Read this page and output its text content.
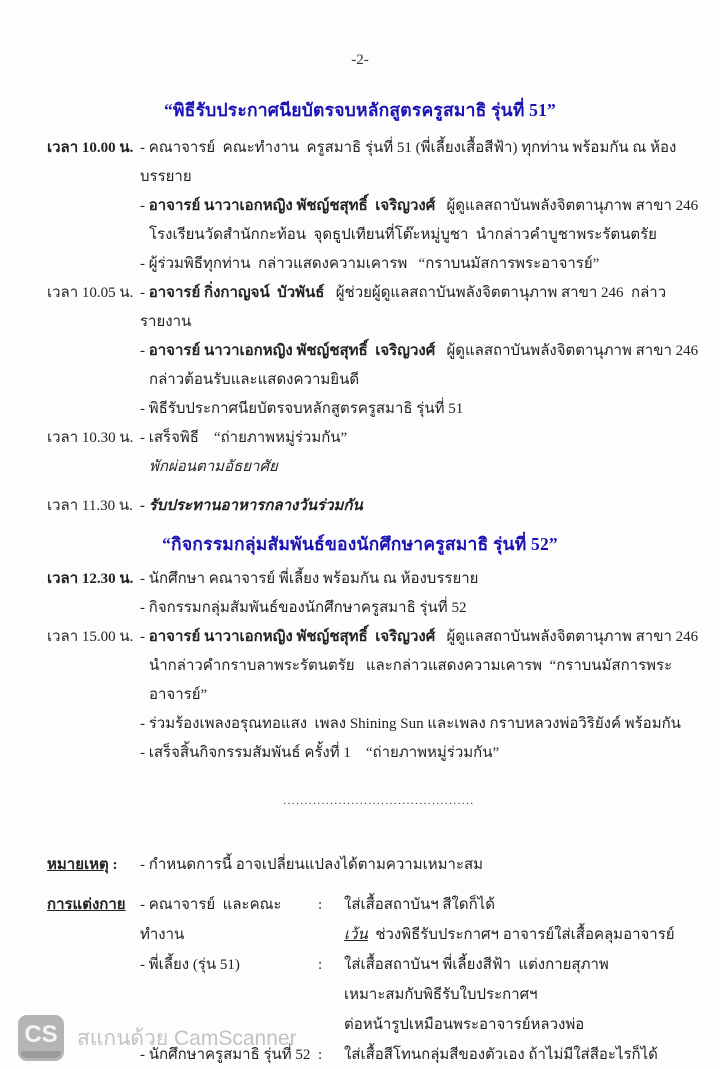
-2-
“พิธีรับประกาศนียบัตรจบหลักสูตรครูสมาธิ รุ่นที่ 51”
เวลา 10.00 น. - คณาจารย์  คณะทำงาน  ครูสมาธิ รุ่นที่ 51 (พี่เลี้ยงเสื้อสีฟ้า) ทุกท่าน พร้อมกัน ณ ห้องบรรยาย
- อาจารย์ นาวาเอกหญิง พัชญ์ชสุทธิ์  เจริญวงศ์   ผู้ดูแลสถาบันพลังจิตตานุภาพ สาขา 246
โรงเรียนวัดสำนักกะท้อน  จุดธูปเทียนที่โต๊ะหมู่บูชา  นำกล่าวคำบูชาพระรัตนตรัย
- ผู้ร่วมพิธีทุกท่าน  กล่าวแสดงความเคารพ   “กราบนมัสการพระอาจารย์”
เวลา 10.05 น. - อาจารย์ กิ่งกาญจน์  บัวพันธ์   ผู้ช่วยผู้ดูแลสถาบันพลังจิตตานุภาพ สาขา 246  กล่าวรายงาน
- อาจารย์ นาวาเอกหญิง พัชญ์ชสุทธิ์  เจริญวงศ์   ผู้ดูแลสถาบันพลังจิตตานุภาพ สาขา 246
กล่าวต้อนรับและแสดงความยินดี
- พิธีรับประกาศนียบัตรจบหลักสูตรครูสมาธิ รุ่นที่ 51
เวลา 10.30 น. - เสร็จพิธี    “ถ่ายภาพหมู่ร่วมกัน”
พักผ่อนตามอัธยาศัย
เวลา 11.30 น. - รับประทานอาหารกลางวันร่วมกัน
“กิจกรรมกลุ่มสัมพันธ์ของนักศึกษาครูสมาธิ รุ่นที่ 52”
เวลา 12.30 น. - นักศึกษา คณาจารย์ พี่เลี้ยง พร้อมกัน ณ ห้องบรรยาย
- กิจกรรมกลุ่มสัมพันธ์ของนักศึกษาครูสมาธิ รุ่นที่ 52
เวลา 15.00 น. - อาจารย์ นาวาเอกหญิง พัชญ์ชสุทธิ์  เจริญวงศ์   ผู้ดูแลสถาบันพลังจิตตานุภาพ สาขา 246
นำกล่าวคำกราบลาพระรัตนตรัย   และกล่าวแสดงความเคารพ  “กราบนมัสการพระอาจารย์”
- ร่วมร้องเพลงอรุณทอแสง  เพลง Shining Sun และเพลง กราบหลวงพ่อวิริยังค์ พร้อมกัน
- เสร็จสิ้นกิจกรรมสัมพันธ์ ครั้งที่ 1    “ถ่ายภาพหมู่ร่วมกัน”
.............................................
หมายเหตุ :	- กำหนดการนี้ อาจเปลี่ยนแปลงได้ตามความเหมาะสม
การแต่งกาย - คณาจารย์  และคณะทำงาน
:	ใส่เสื้อสถาบันฯ สีใดก็ได้
เว้น  ช่วงพิธีรับประกาศฯ อาจารย์ใส่เสื้อคลุมอาจารย์
- พี่เลี้ยง (รุ่น 51)	:	ใส่เสื้อสถาบันฯ พี่เลี้ยงสีฟ้า  แต่งกายสุภาพ
เหมาะสมกับพิธีรับใบประกาศฯ
ต่อหน้ารูปเหมือนพระอาจารย์หลวงพ่อ
- นักศึกษาครูสมาธิ รุ่นที่ 52 :	ใส่เสื้อสีโทนกลุ่มสีของตัวเอง ถ้าไม่มีใส่สีอะไรก็ได้
CS สแกนด้วย CamScanner
